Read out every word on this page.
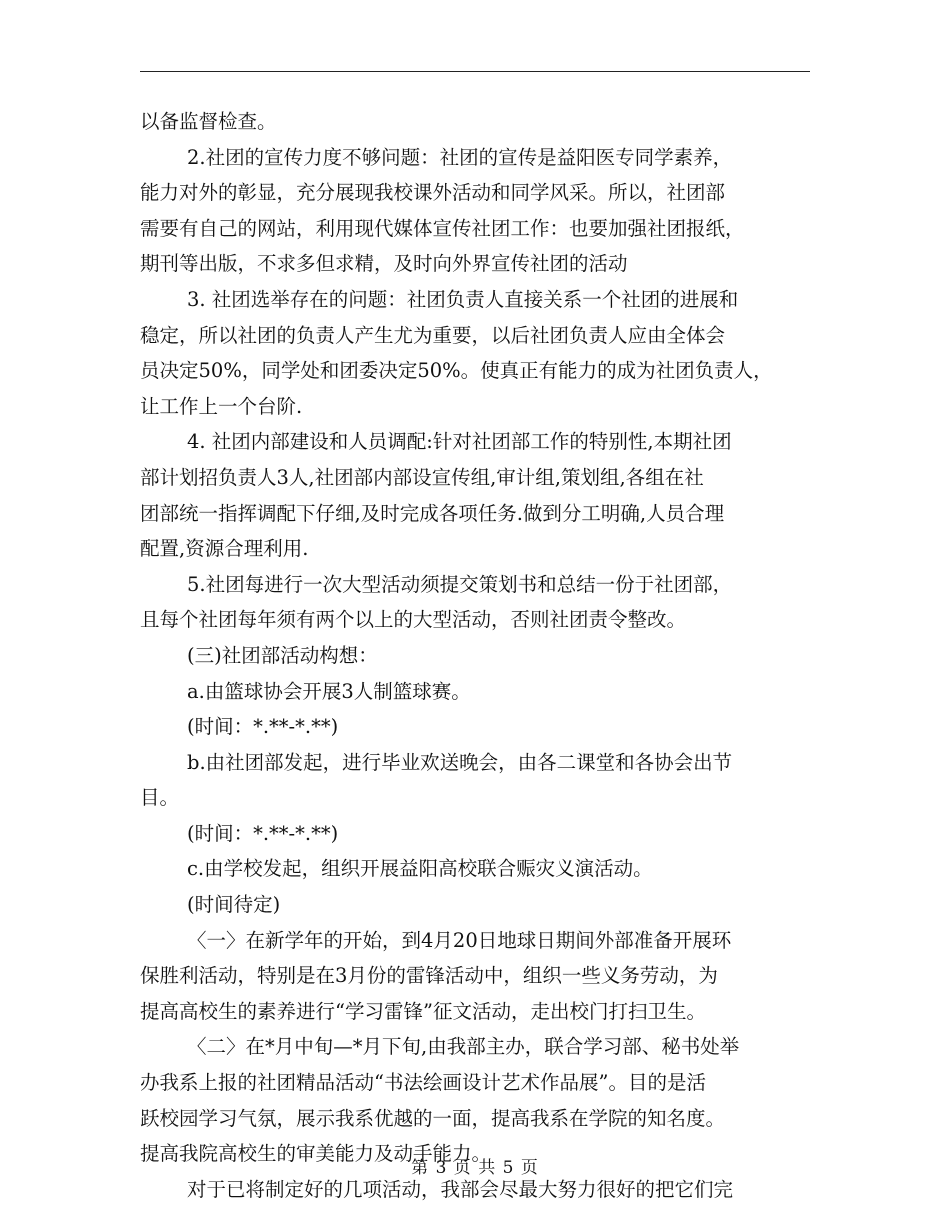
以备监督检查。
2.社团的宣传力度不够问题：社团的宣传是益阳医专同学素养，
能力对外的彰显，充分展现我校课外活动和同学风采。所以，社团部
需要有自己的网站，利用现代媒体宣传社团工作：也要加强社团报纸，
期刊等出版，不求多但求精，及时向外界宣传社团的活动
3. 社团选举存在的问题：社团负责人直接关系一个社团的进展和
稳定，所以社团的负责人产生尤为重要，以后社团负责人应由全体会
员决定50%，同学处和团委决定50%。使真正有能力的成为社团负责人，
让工作上一个台阶.
4. 社团内部建设和人员调配:针对社团部工作的特别性,本期社团
部计划招负责人3人,社团部内部设宣传组,审计组,策划组,各组在社
团部统一指挥调配下仔细,及时完成各项任务.做到分工明确,人员合理
配置,资源合理利用.
5.社团每进行一次大型活动须提交策划书和总结一份于社团部，
且每个社团每年须有两个以上的大型活动，否则社团责令整改。
(三)社团部活动构想：
a.由篮球协会开展3人制篮球赛。
(时间：*.**-*.**)
b.由社团部发起，进行毕业欢送晚会，由各二课堂和各协会出节
目。
(时间：*.**-*.**)
c.由学校发起，组织开展益阳高校联合赈灾义演活动。
(时间待定)
〈一〉在新学年的开始，到4月20日地球日期间外部准备开展环
保胜利活动，特别是在3月份的雷锋活动中，组织一些义务劳动，为
提高高校生的素养进行“学习雷锋”征文活动，走出校门打扫卫生。
〈二〉在*月中旬—*月下旬,由我部主办，联合学习部、秘书处举
办我系上报的社团精品活动“书法绘画设计艺术作品展”。目的是活
跃校园学习气氛，展示我系优越的一面，提高我系在学院的知名度。
提高我院高校生的审美能力及动手能力。
对于已将制定好的几项活动，我部会尽最大努力很好的把它们完
第 3 页 共 5 页
